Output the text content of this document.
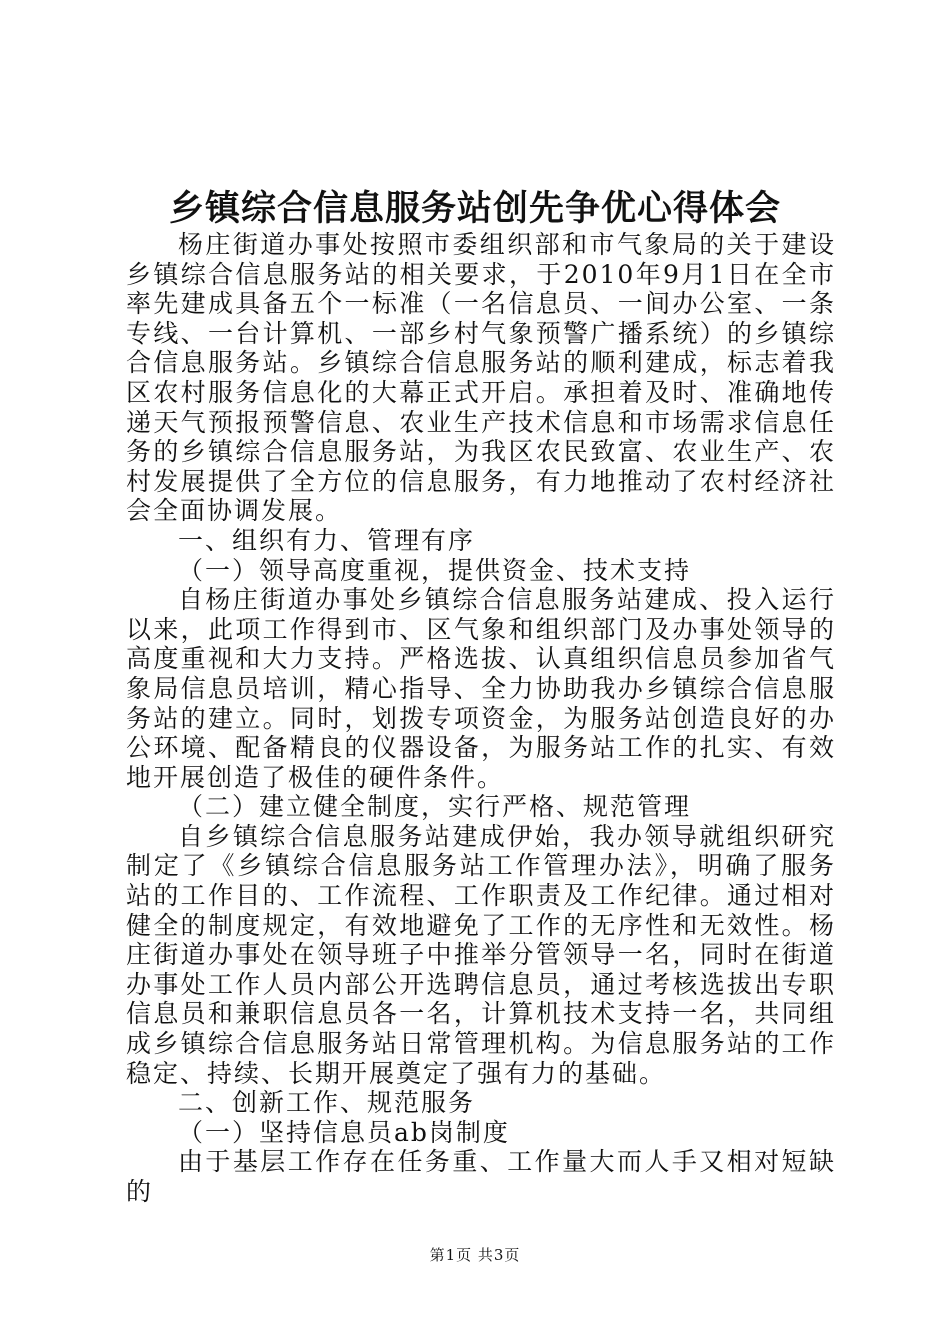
乡镇综合信息服务站创先争优心得体会

杨庄街道办事处按照市委组织部和市气象局的关于建设乡镇综合信息服务站的相关要求，于2010年9月1日在全市率先建成具备五个一标准（一名信息员、一间办公室、一条专线、一台计算机、一部乡村气象预警广播系统）的乡镇综合信息服务站。乡镇综合信息服务站的顺利建成，标志着我区农村服务信息化的大幕正式开启。承担着及时、准确地传递天气预报预警信息、农业生产技术信息和市场需求信息任务的乡镇综合信息服务站，为我区农民致富、农业生产、农村发展提供了全方位的信息服务，有力地推动了农村经济社会全面协调发展。

一、组织有力、管理有序

（一）领导高度重视，提供资金、技术支持

自杨庄街道办事处乡镇综合信息服务站建成、投入运行以来，此项工作得到市、区气象和组织部门及办事处领导的高度重视和大力支持。严格选拔、认真组织信息员参加省气象局信息员培训，精心指导、全力协助我办乡镇综合信息服务站的建立。同时，划拨专项资金，为服务站创造良好的办公环境、配备精良的仪器设备，为服务站工作的扎实、有效地开展创造了极佳的硬件条件。

（二）建立健全制度，实行严格、规范管理

自乡镇综合信息服务站建成伊始，我办领导就组织研究制定了《乡镇综合信息服务站工作管理办法》，明确了服务站的工作目的、工作流程、工作职责及工作纪律。通过相对健全的制度规定，有效地避免了工作的无序性和无效性。杨庄街道办事处在领导班子中推举分管领导一名，同时在街道办事处工作人员内部公开选聘信息员，通过考核选拔出专职信息员和兼职信息员各一名，计算机技术支持一名，共同组成乡镇综合信息服务站日常管理机构。为信息服务站的工作稳定、持续、长期开展奠定了强有力的基础。

二、创新工作、规范服务

（一）坚持信息员ab岗制度

由于基层工作存在任务重、工作量大而人手又相对短缺的

第1页 共3页
